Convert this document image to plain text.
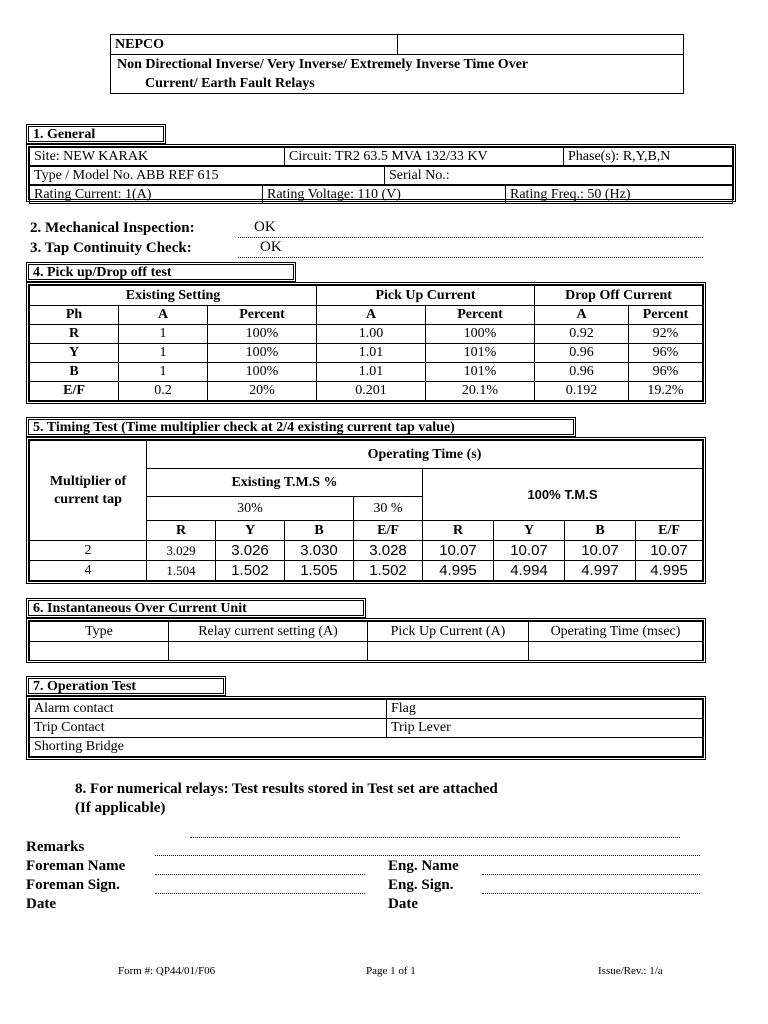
NEPCO	

Non Directional Inverse/ Very Inverse/ Extremely Inverse Time Over
Current/ Earth Fault Relays
1. General
Site: NEW KARAK	Circuit: TR2 63.5 MVA 132/33 KV	Phase(s): R,Y,B,N
Type / Model No. ABB REF 615	Serial No.:
Rating Current: 1(A)	Rating Voltage: 110 (V)	Rating Freq.: 50 (Hz)
2. Mechanical Inspection:	OK
3. Tap Continuity Check:	OK
4. Pick up/Drop off test
Existing Setting			Pick Up Current		Drop Off Current	
Ph	A	Percent	A	Percent	A	Percent
R	1	100%	1.00	100%	0.92	92%
Y	1	100%	1.01	101%	0.96	96%
B	1	100%	1.01	101%	0.96	96%
E/F	0.2	20%	0.201	20.1%	0.192	19.2%
5. Timing Test (Time multiplier check at 2/4 existing current tap value)
Multiplier of current tap	Operating Time (s)							
	Existing T.M.S %				100% T.M.S			
	30%			30 %				
	R	Y	B	E/F	R	Y	B	E/F
2	3.029	3.026	3.030	3.028	10.07	10.07	10.07	10.07
4	1.504	1.502	1.505	1.502	4.995	4.994	4.997	4.995
6. Instantaneous Over Current Unit
Type	Relay current setting (A)	Pick Up Current (A)	Operating Time (msec)

7. Operation Test
Alarm contact	Flag
Trip Contact	Trip Lever
Shorting Bridge	
8. For numerical relays: Test results stored in Test set are attached
(If applicable)
Remarks
Foreman Name	Eng. Name
Foreman Sign.	Eng. Sign.
Date	Date
Form #: QP44/01/F06	Page 1 of 1	Issue/Rev.: 1/a
